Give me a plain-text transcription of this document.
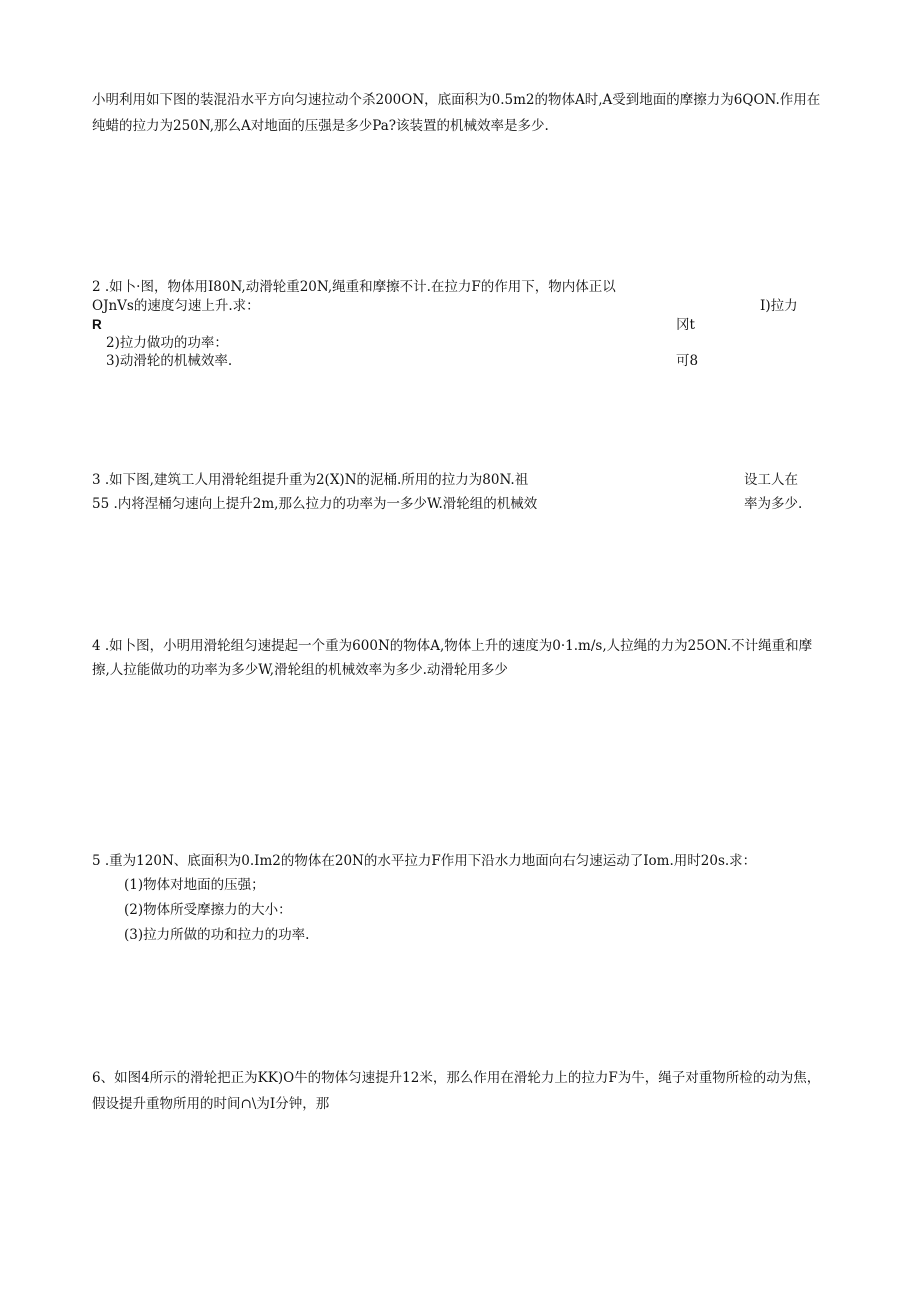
小明利用如下图的装混沿水平方向匀速拉动个杀200ON，底面积为0.5m2的物体A时,A受到地面的摩擦力为6QON.作用在
纯蜡的拉力为250N,那么A对地面的压强是多少Pa?该装置的机械效率是多少.
2 .如卜·图，物体用I80N,动滑轮重20N,绳重和摩擦不计.在拉力F的作用下，物内体正以
OJnVs的速度匀速上升.求：	I)拉力
R	冈t
2)拉力做功的功率：
3)动滑轮的机械效率.	可8
3 .如下图,建筑工人用滑轮组提升重为2(X)N的泥桶.所用的拉力为80N.祖	设工人在
55 .内将涅桶匀速向上提升2m,那么拉力的功率为一多少W.滑轮组的机械效	率为多少.
4 .如卜图，小明用滑轮组匀速提起一个重为600N的物体A,物体上升的速度为0·1.m/s,人拉绳的力为25ON.不计绳重和摩
擦,人拉能做功的功率为多少W,滑轮组的机械效率为多少.动滑轮用多少
5 .重为120N、底面积为0.Im2的物体在20N的水平拉力F作用下沿水力地面向右匀速运动了Iom.用时20s.求：
(1)物体对地面的压强；
(2)物体所受摩擦力的大小：
(3)拉力所做的功和拉力的功率.
6、如图4所示的滑轮把正为KK)O牛的物体匀速提升12米，那么作用在滑轮力上的拉力F为牛，绳子对重物所检的动为焦，
假设提升重物所用的时间∩\为I分钟，那
